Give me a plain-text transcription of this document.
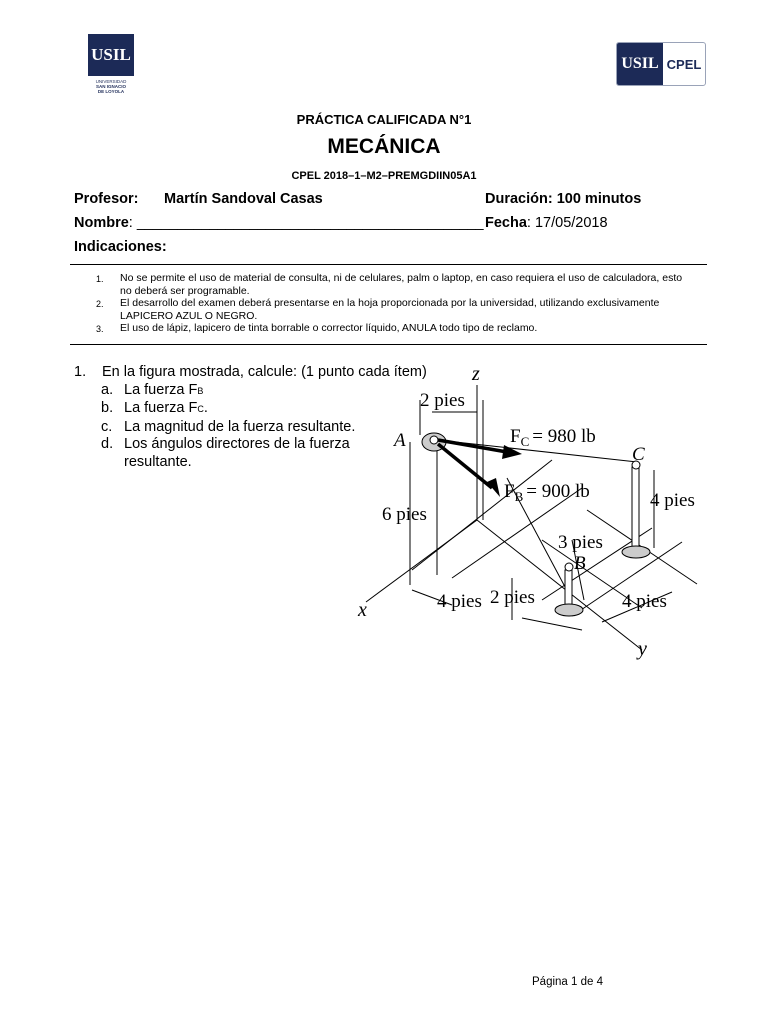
USIL
UNIVERSIDAD
SAN IGNACIO
DE LOYOLA
USIL CPEL
PRÁCTICA CALIFICADA N°1
MECÁNICA
CPEL 2018–1–M2–PREMGDIIN05A1
Profesor: Martín Sandoval Casas	Duración: 100 minutos
Nombre: ___________________________________________ Fecha: 17/05/2018
Indicaciones:
1. No se permite el uso de material de consulta, ni de celulares, palm o laptop, en caso requiera el uso de calculadora, esto no deberá ser programable.
2. El desarrollo del examen deberá presentarse en la hoja proporcionada por la universidad, utilizando exclusivamente LAPICERO AZUL O NEGRO.
3. El uso de lápiz, lapicero de tinta borrable o corrector líquido, ANULA todo tipo de reclamo.
1. En la figura mostrada, calcule: (1 punto cada ítem)
a. La fuerza FB
b. La fuerza FC.
c. La magnitud de la fuerza resultante.
d. Los ángulos directores de la fuerza
resultante.
z
x
y
A
C
B
2 pies
$F_C = 980$ lb
$F_B = 900$ lb
6 pies
4 pies
3 pies
4 pies 2 pies	4 pies
Página 1 de 4
